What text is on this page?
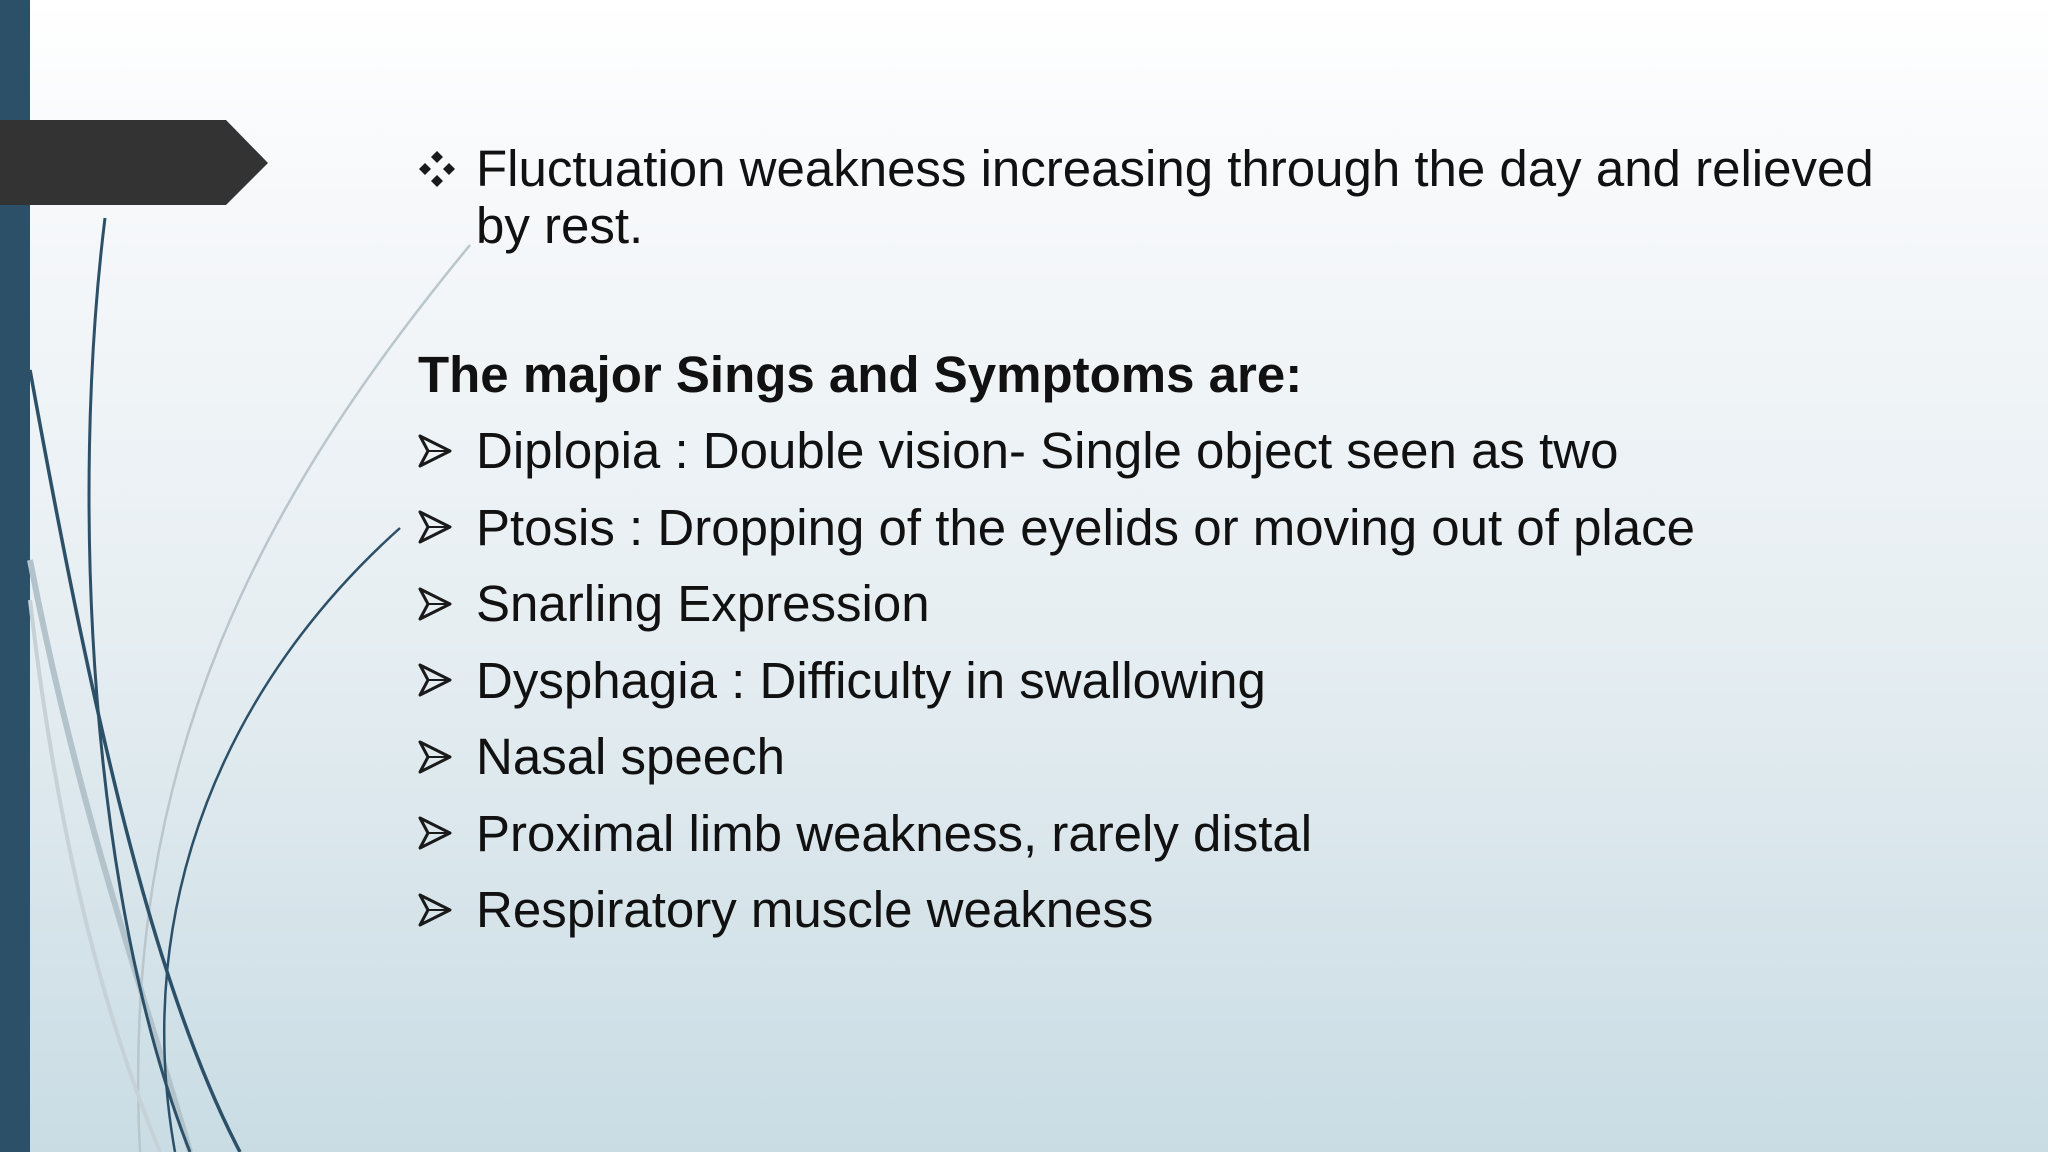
Fluctuation weakness increasing through the day and relieved by rest.
The major Sings and Symptoms are:
Diplopia : Double vision- Single object seen as two
Ptosis : Dropping of the eyelids or moving out of place
Snarling Expression
Dysphagia : Difficulty in swallowing
Nasal speech
Proximal limb weakness, rarely distal
Respiratory muscle weakness
